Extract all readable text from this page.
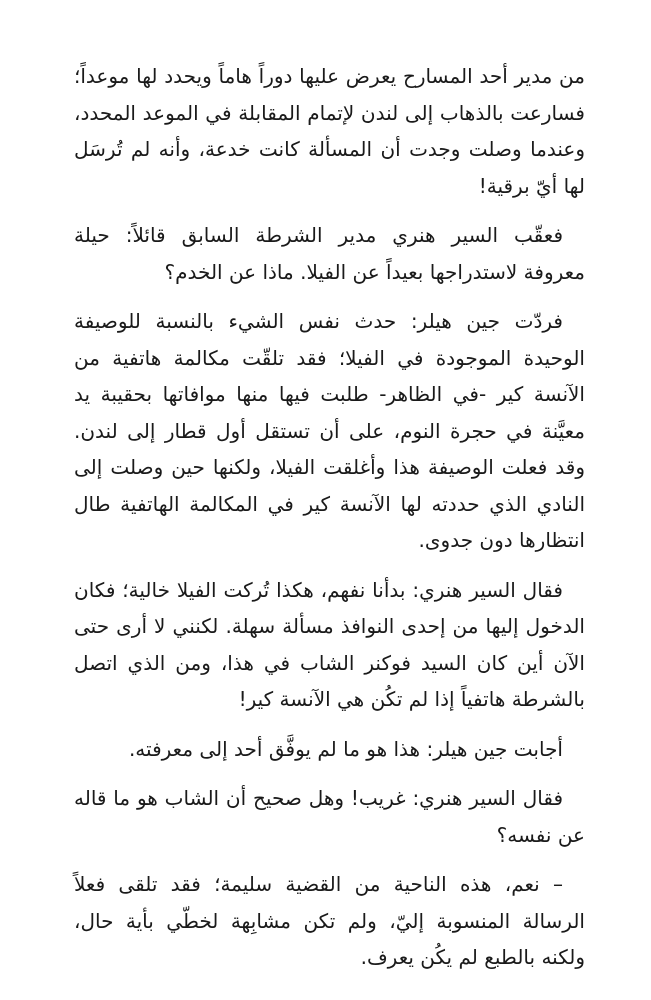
من مدير أحد المسارح يعرض عليها دوراً هاماً ويحدد لها موعداً؛ فسارعت بالذهاب إلى لندن لإتمام المقابلة في الموعد المحدد، وعندما وصلت وجدت أن المسألة كانت خدعة، وأنه لم تُرسَل لها أيّ برقية!

فعقّب السير هنري مدير الشرطة السابق قائلاً: حيلة معروفة لاستدراجها بعيداً عن الفيلا. ماذا عن الخدم؟

فردّت جين هيلر: حدث نفس الشيء بالنسبة للوصيفة الوحيدة الموجودة في الفيلا؛ فقد تلقّت مكالمة هاتفية من الآنسة كير -في الظاهر- طلبت فيها منها موافاتها بحقيبة يد معيَّنة في حجرة النوم، على أن تستقل أول قطار إلى لندن. وقد فعلت الوصيفة هذا وأغلقت الفيلا، ولكنها حين وصلت إلى النادي الذي حددته لها الآنسة كير في المكالمة الهاتفية طال انتظارها دون جدوى.

فقال السير هنري: بدأنا نفهم، هكذا تُركت الفيلا خالية؛ فكان الدخول إليها من إحدى النوافذ مسألة سهلة. لكنني لا أرى حتى الآن أين كان السيد فوكنر الشاب في هذا، ومن الذي اتصل بالشرطة هاتفياً إذا لم تكُن هي الآنسة كير!

أجابت جين هيلر: هذا هو ما لم يوفَّق أحد إلى معرفته.

فقال السير هنري: غريب! وهل صحيح أن الشاب هو ما قاله عن نفسه؟

– نعم، هذه الناحية من القضية سليمة؛ فقد تلقى فعلاً الرسالة المنسوبة إليّ، ولم تكن مشابِهة لخطّي بأية حال، ولكنه بالطبع لم يكُن يعرف.
